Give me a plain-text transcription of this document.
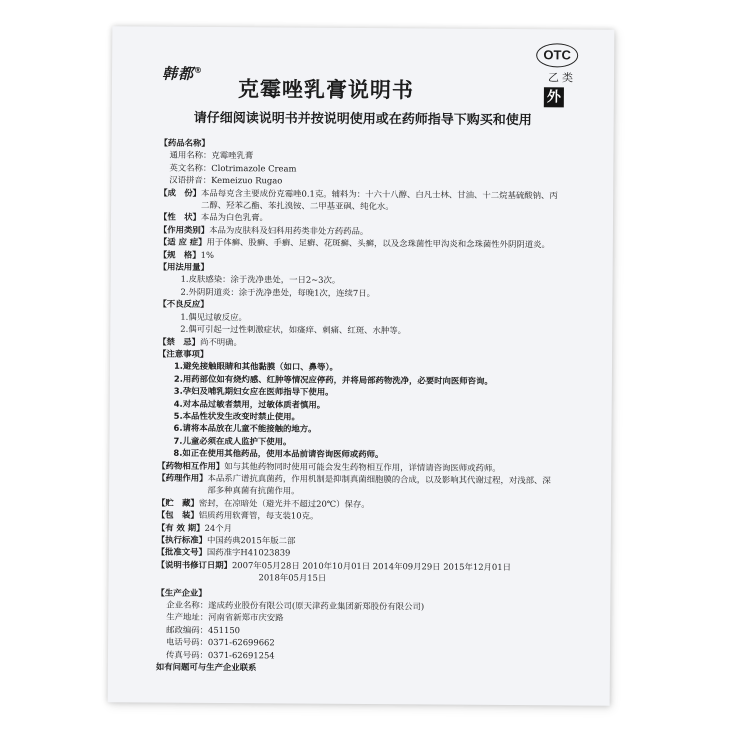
韩都®
OTC
乙类
外
克霉唑乳膏说明书
请仔细阅读说明书并按说明使用或在药师指导下购买和使用
【药品名称】
通用名称： 克霉唑乳膏
英文名称： Clotrimazole Cream
汉语拼音： Kemeizuo Rugao
【成　份】 本品每克含主要成份克霉唑0.1克。辅料为：十六十八醇、白凡士林、甘油、十二烷基硫酸钠、丙二醇、羟苯乙酯、苯扎溴铵、二甲基亚砜、纯化水。
【性　状】 本品为白色乳膏。
【作用类别】 本品为皮肤科及妇科用药类非处方药药品。
【适 应 症】 用于体癣、股癣、手癣、足癣、花斑癣、头癣，以及念珠菌性甲沟炎和念珠菌性外阴阴道炎。
【规　格】 1%
【用法用量】
1.皮肤感染：涂于洗净患处，一日2~3次。
2.外阴阴道炎：涂于洗净患处，每晚1次，连续7日。
【不良反应】
1.偶见过敏反应。
2.偶可引起一过性刺激症状，如瘙痒、刺痛、红斑、水肿等。
【禁　忌】 尚不明确。
【注意事项】
1.避免接触眼睛和其他黏膜（如口、鼻等）。
2.用药部位如有烧灼感、红肿等情况应停药，并将局部药物洗净，必要时向医师咨询。
3.孕妇及哺乳期妇女应在医师指导下使用。
4.对本品过敏者禁用，过敏体质者慎用。
5.本品性状发生改变时禁止使用。
6.请将本品放在儿童不能接触的地方。
7.儿童必须在成人监护下使用。
8.如正在使用其他药品，使用本品前请咨询医师或药师。
【药物相互作用】 如与其他药物同时使用可能会发生药物相互作用，详情请咨询医师或药师。
【药理作用】 本品系广谱抗真菌药，作用机制是抑制真菌细胞膜的合成，以及影响其代谢过程，对浅部、深部多种真菌有抗菌作用。
【贮　藏】 密封，在凉暗处（避光并不超过20℃）保存。
【包　装】 铝质药用软膏管，每支装10克。
【有 效 期】 24个月
【执行标准】 中国药典2015年版二部
【批准文号】 国药准字H41023839
【说明书修订日期】 2007年05月28日 2010年10月01日 2014年09月29日 2015年12月01日
2018年05月15日
【生产企业】
企业名称： 遂成药业股份有限公司(原天津药业集团新郑股份有限公司)
生产地址： 河南省新郑市庆安路
邮政编码： 451150
电话号码： 0371-62699662
传真号码： 0371-62691254
如有问题可与生产企业联系
